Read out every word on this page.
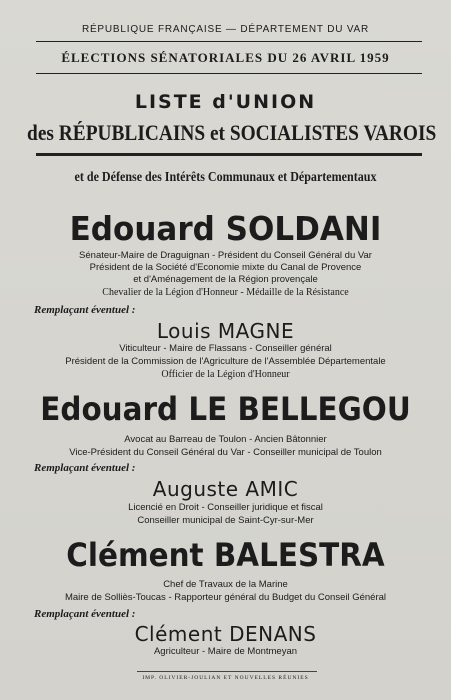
RÉPUBLIQUE FRANÇAISE — DÉPARTEMENT DU VAR
ÉLECTIONS SÉNATORIALES DU 26 AVRIL 1959
LISTE d'UNION
des RÉPUBLICAINS et SOCIALISTES VAROIS
et de Défense des Intérêts Communaux et Départementaux
Edouard SOLDANI
Sénateur-Maire de Draguignan - Président du Conseil Général du Var
Président de la Société d'Economie mixte du Canal de Provence
et d'Aménagement de la Région provençale
Chevalier de la Légion d'Honneur - Médaille de la Résistance
Remplaçant éventuel :
Louis MAGNE
Viticulteur - Maire de Flassans - Conseiller général
Président de la Commission de l'Agriculture de l'Assemblée Départementale
Officier de la Légion d'Honneur
Edouard LE BELLEGOU
Avocat au Barreau de Toulon - Ancien Bâtonnier
Vice-Président du Conseil Général du Var - Conseiller municipal de Toulon
Remplaçant éventuel :
Auguste AMIC
Licencié en Droit - Conseiller juridique et fiscal
Conseiller municipal de Saint-Cyr-sur-Mer
Clément BALESTRA
Chef de Travaux de la Marine
Maire de Solliès-Toucas - Rapporteur général du Budget du Conseil Général
Remplaçant éventuel :
Clément DENANS
Agriculteur - Maire de Montmeyan
IMP. OLIVIER-JOULIAN ET NOUVELLES RÉUNIES
